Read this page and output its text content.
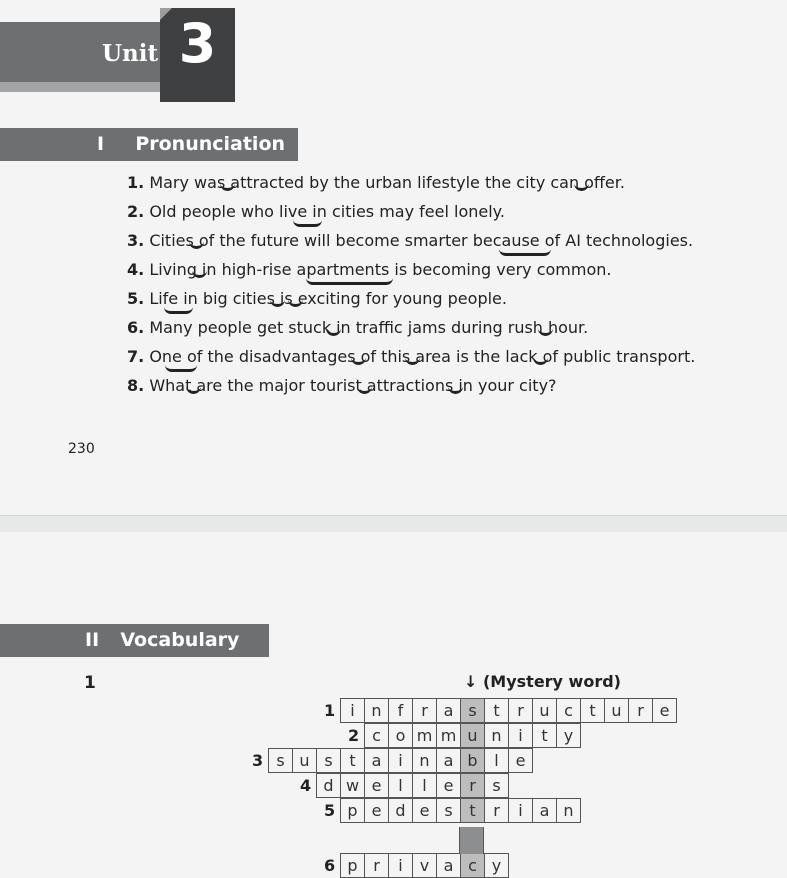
Unit 3
I Pronunciation
1. Mary was attracted by the urban lifestyle the city can offer.
2. Old people who live in cities may feel lonely.
3. Cities of the future will become smarter because of AI technologies.
4. Living in high-rise apartments is becoming very common.
5. Life in big cities is exciting for young people.
6. Many people get stuck in traffic jams during rush hour.
7. One of the disadvantages of this area is the lack of public transport.
8. What are the major tourist attractions in your city?
230
II Vocabulary
1	↓ (Mystery word)
1 i	n	f	r a s	t	r u c	t u r e
2 c o m m u n	i	t	y
3 s u s	t a	i	n a b	l	e
4 d w e	l	l	e r	s
5 p e d e s	t	r	i	a n
6 p r	i	v a c y
